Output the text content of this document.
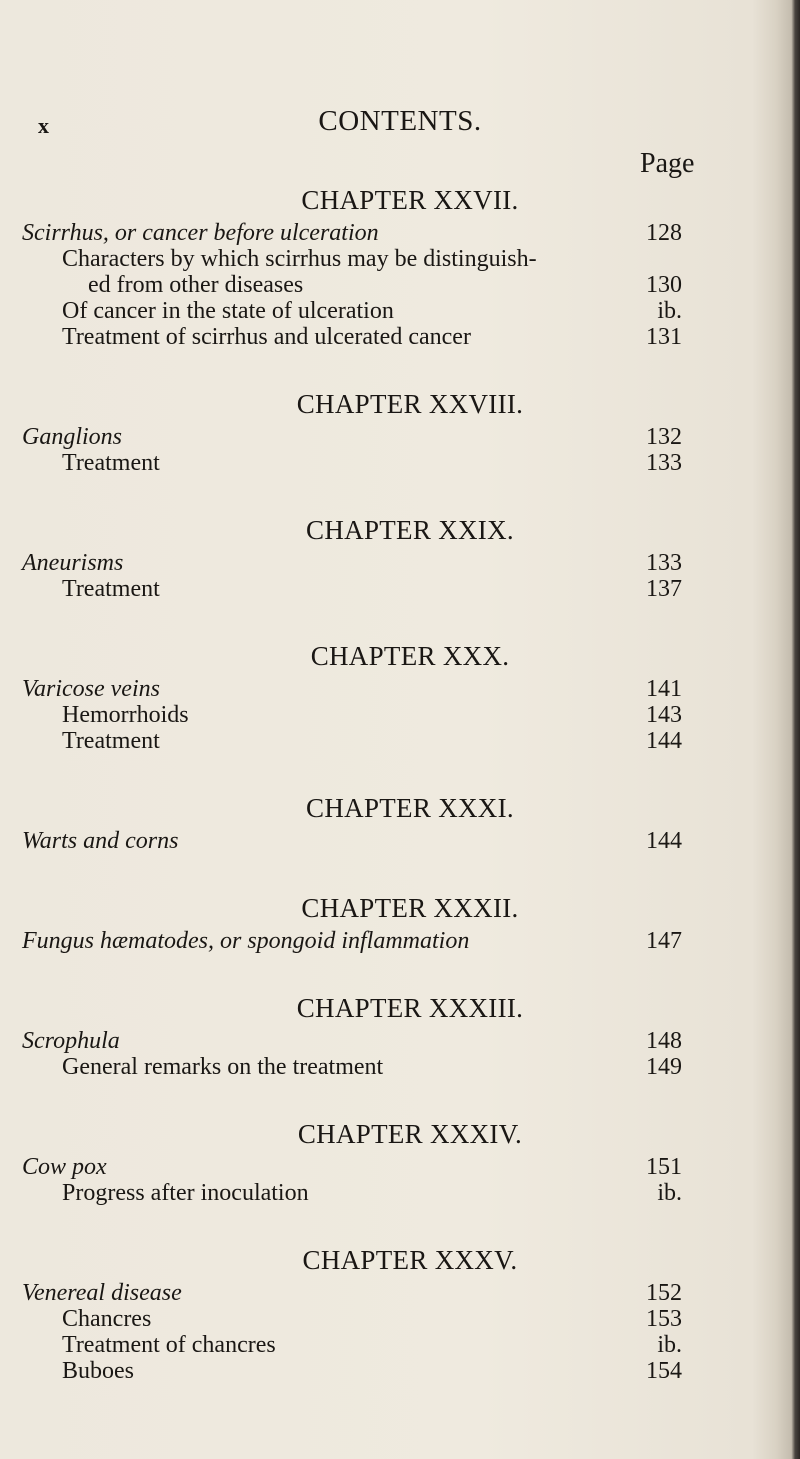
x	CONTENTS.
Page
CHAPTER XXVII.
Scirrhus, or cancer before ulceration	128
Characters by which scirrhus may be distinguish-
ed from other diseases	130
Of cancer in the state of ulceration	ib.
Treatment of scirrhus and ulcerated cancer	131
CHAPTER XXVIII.
Ganglions	132
Treatment	133
CHAPTER XXIX.
Aneurisms	133
Treatment	137
CHAPTER XXX.
Varicose veins	141
Hemorrhoids	143
Treatment	144
CHAPTER XXXI.
Warts and corns	144
CHAPTER XXXII.
Fungus hæmatodes, or spongoid inflammation	147
CHAPTER XXXIII.
Scrophula	148
General remarks on the treatment	149
CHAPTER XXXIV.
Cow pox	151
Progress after inoculation	ib.
CHAPTER XXXV.
Venereal disease	152
Chancres	153
Treatment of chancres	ib.
Buboes	154
